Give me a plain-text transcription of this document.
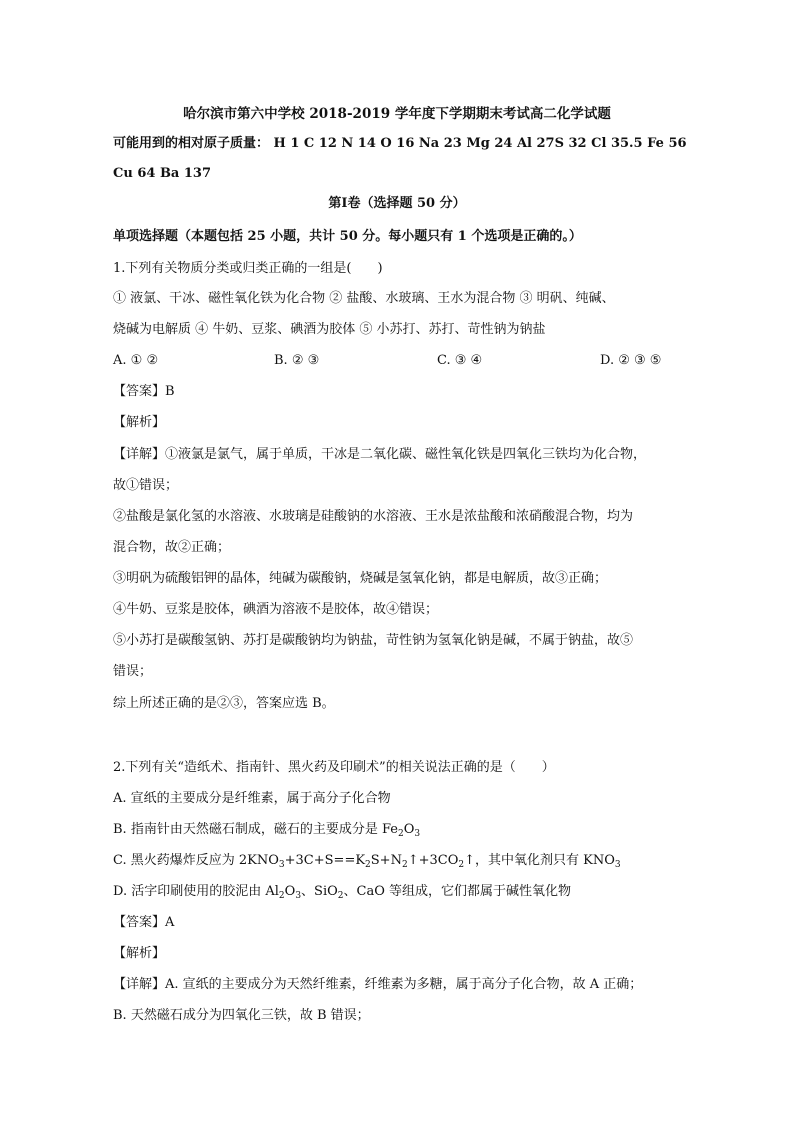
哈尔滨市第六中学校 2018-2019 学年度下学期期末考试高二化学试题
可能用到的相对原子质量： H 1 C 12 N 14 O 16 Na 23 Mg 24 Al 27S 32 Cl 35.5 Fe 56
Cu 64 Ba 137
第Ⅰ卷（选择题 50 分）
单项选择题（本题包括 25 小题，共计 50 分。每小题只有 1 个选项是正确的。）
1.下列有关物质分类或归类正确的一组是(　　)
① 液氯、干冰、磁性氧化铁为化合物 ② 盐酸、水玻璃、王水为混合物 ③ 明矾、纯碱、
烧碱为电解质 ④ 牛奶、豆浆、碘酒为胶体 ⑤ 小苏打、苏打、苛性钠为钠盐
A. ① ②	B. ② ③	C. ③ ④	D. ② ③ ⑤
【答案】B
【解析】
【详解】①液氯是氯气，属于单质，干冰是二氧化碳、磁性氧化铁是四氧化三铁均为化合物，
故①错误；
②盐酸是氯化氢的水溶液、水玻璃是硅酸钠的水溶液、王水是浓盐酸和浓硝酸混合物，均为
混合物，故②正确；
③明矾为硫酸铝钾的晶体，纯碱为碳酸钠，烧碱是氢氧化钠，都是电解质，故③正确；
④牛奶、豆浆是胶体，碘酒为溶液不是胶体，故④错误；
⑤小苏打是碳酸氢钠、苏打是碳酸钠均为钠盐，苛性钠为氢氧化钠是碱，不属于钠盐，故⑤
错误；
综上所述正确的是②③，答案应选 B。
2.下列有关“造纸术、指南针、黑火药及印刷术”的相关说法正确的是（　　）
A. 宣纸的主要成分是纤维素，属于高分子化合物
B. 指南针由天然磁石制成，磁石的主要成分是 $Fe_2O_3$
C. 黑火药爆炸反应为 $2KNO_3+3C+S==K_2S+N_2↑+3CO_2↑$，其中氧化剂只有 $KNO_3$
D. 活字印刷使用的胶泥由 $Al_2O_3$、SiO$_2$、CaO 等组成，它们都属于碱性氧化物
【答案】A
【解析】
【详解】A. 宣纸的主要成分为天然纤维素，纤维素为多糖，属于高分子化合物，故 A 正确；
B. 天然磁石成分为四氧化三铁，故 B 错误；
